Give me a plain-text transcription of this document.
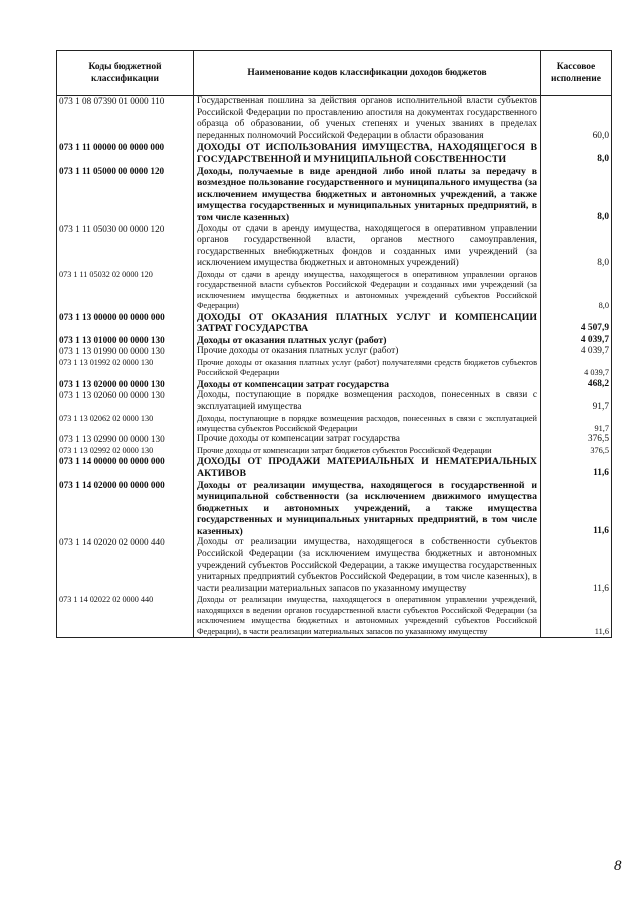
Коды бюджетной классификации	Наименование кодов классификации доходов бюджетов	Кассовое исполнение
073 1 08 07390 01 0000 110	Государственная пошлина за действия органов исполнительной власти субъектов Российской Федерации по проставлению апостиля на документах государственного образца об образовании, об ученых степенях и ученых званиях в пределах переданных полномочий Российской Федерации в области образования	60,0
073 1 11 00000 00 0000 000	ДОХОДЫ ОТ ИСПОЛЬЗОВАНИЯ ИМУЩЕСТВА, НАХОДЯЩЕГОСЯ В ГОСУДАРСТВЕННОЙ И МУНИЦИПАЛЬНОЙ СОБСТВЕННОСТИ	8,0
073 1 11 05000 00 0000 120	Доходы, получаемые в виде арендной либо иной платы за передачу в возмездное пользование государственного и муниципального имущества (за исключением имущества бюджетных и автономных учреждений, а также имущества государственных и муниципальных унитарных предприятий, в том числе казенных)	8,0
073 1 11 05030 00 0000 120	Доходы от сдачи в аренду имущества, находящегося в оперативном управлении органов государственной власти, органов местного самоуправления, государственных внебюджетных фондов и созданных ими учреждений (за исключением имущества бюджетных и автономных учреждений)	8,0
073 1 11 05032 02 0000 120	Доходы от сдачи в аренду имущества, находящегося в оперативном управлении органов государственной власти субъектов Российской Федерации и созданных ими учреждений (за исключением имущества бюджетных и автономных учреждений субъектов Российской Федерации)	8,0
073 1 13 00000 00 0000 000	ДОХОДЫ ОТ ОКАЗАНИЯ ПЛАТНЫХ УСЛУГ И КОМПЕНСАЦИИ ЗАТРАТ ГОСУДАРСТВА	4 507,9
073 1 13 01000 00 0000 130	Доходы от оказания платных услуг (работ)	4 039,7
073 1 13 01990 00 0000 130	Прочие доходы от оказания платных услуг (работ)	4 039,7
073 1 13 01992 02 0000 130	Прочие доходы от оказания платных услуг (работ) получателями средств бюджетов субъектов Российской Федерации	4 039,7
073 1 13 02000 00 0000 130	Доходы от компенсации затрат государства	468,2
073 1 13 02060 00 0000 130	Доходы, поступающие в порядке возмещения расходов, понесенных в связи с эксплуатацией имущества	91,7
073 1 13 02062 02 0000 130	Доходы, поступающие в порядке возмещения расходов, понесенных в связи с эксплуатацией имущества субъектов Российской Федерации	91,7
073 1 13 02990 00 0000 130	Прочие доходы от компенсации затрат государства	376,5
073 1 13 02992 02 0000 130	Прочие доходы от компенсации затрат бюджетов субъектов Российской Федерации	376,5
073 1 14 00000 00 0000 000	ДОХОДЫ ОТ ПРОДАЖИ МАТЕРИАЛЬНЫХ И НЕМАТЕРИАЛЬНЫХ АКТИВОВ	11,6
073 1 14 02000 00 0000 000	Доходы от реализации имущества, находящегося в государственной и муниципальной собственности (за исключением движимого имущества бюджетных и автономных учреждений, а также имущества государственных и муниципальных унитарных предприятий, в том числе казенных)	11,6
073 1 14 02020 02 0000 440	Доходы от реализации имущества, находящегося в собственности субъектов Российской Федерации (за исключением имущества бюджетных и автономных учреждений субъектов Российской Федерации, а также имущества государственных унитарных предприятий субъектов Российской Федерации, в том числе казенных), в части реализации материальных запасов по указанному имуществу	11,6
073 1 14 02022 02 0000 440	Доходы от реализации имущества, находящегося в оперативном управлении учреждений, находящихся в ведении органов государственной власти субъектов Российской Федерации (за исключением имущества бюджетных и автономных учреждений субъектов Российской Федерации), в части реализации материальных запасов по указанному имуществу	11,6
8
